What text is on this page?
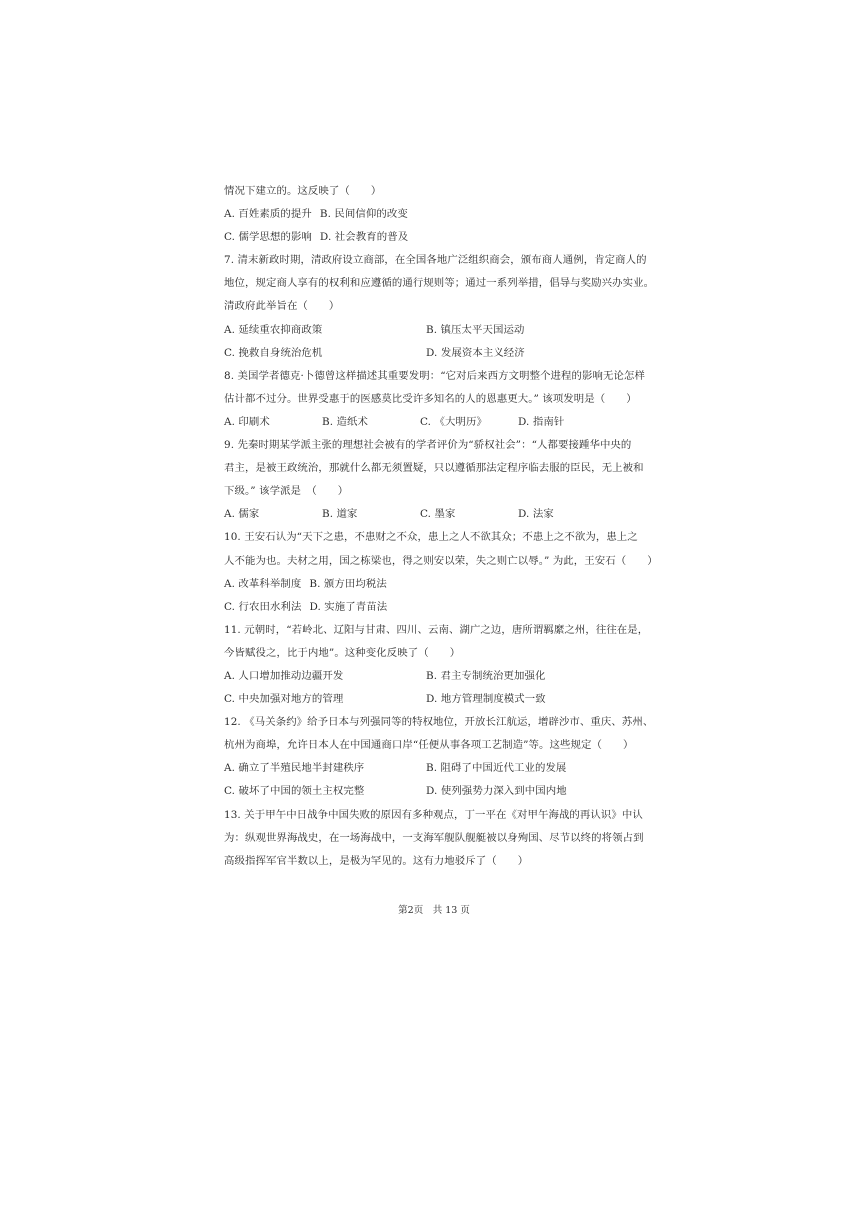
情况下建立的。这反映了（　　）
A. 百姓素质的提升 B. 民间信仰的改变
C. 儒学思想的影响 D. 社会教育的普及
7. 清末新政时期，清政府设立商部，在全国各地广泛组织商会，颁布商人通例，肯定商人的
地位，规定商人享有的权利和应遵循的通行规则等；通过一系列举措，倡导与奖励兴办实业。
清政府此举旨在（　　）
A. 延续重农抑商政策	B. 镇压太平天国运动
C. 挽救自身统治危机	D. 发展资本主义经济
8. 美国学者德克·卜德曾这样描述其重要发明：“它对后来西方文明整个进程的影响无论怎样
估计都不过分。世界受惠于的医感莫比受许多知名的人的恩惠更大。” 该项发明是（　　）
A. 印刷术	B. 造纸术	C. 《大明历》	D. 指南针
9. 先秦时期某学派主张的理想社会被有的学者评价为“骄权社会”：“人都要接踵华中央的
君主，是被王政统治，那就什么都无须置疑，只以遵循那法定程序临去服的臣民，无上被和
下级。” 该学派是　（　　）
A. 儒家	B. 道家	C. 墨家	D. 法家
10. 王安石认为“天下之患，不患财之不众，患上之人不欲其众；不患上之不欲为，患上之
人不能为也。夫材之用，国之栋梁也，得之则安以荣，失之则亡以辱。” 为此，王安石（　　）
A. 改革科举制度 B. 颁方田均税法
C. 行农田水利法 D. 实施了青苗法
11. 元朝时，“若岭北、辽阳与甘肃、四川、云南、湖广之边，唐所谓羁縻之州，往往在是，
今皆赋役之，比于内地”。这种变化反映了（　　）
A. 人口增加推动边疆开发	B. 君主专制统治更加强化
C. 中央加强对地方的管理	D. 地方管理制度模式一致
12. 《马关条约》给予日本与列强同等的特权地位，开放长江航运，增辟沙市、重庆、苏州、
杭州为商埠，允许日本人在中国通商口岸“任便从事各项工艺制造”等。这些规定（　　）
A. 确立了半殖民地半封建秩序	B. 阻碍了中国近代工业的发展
C. 破坏了中国的领土主权完整	D. 使列强势力深入到中国内地
13. 关于甲午中日战争中国失败的原因有多种观点，丁一平在《对甲午海战的再认识》中认
为：纵观世界海战史，在一场海战中，一支海军舰队舰艇被以身殉国、尽节以终的将领占到
高级指挥军官半数以上，是极为罕见的。这有力地驳斥了（　　）
第2页　共 13 页
